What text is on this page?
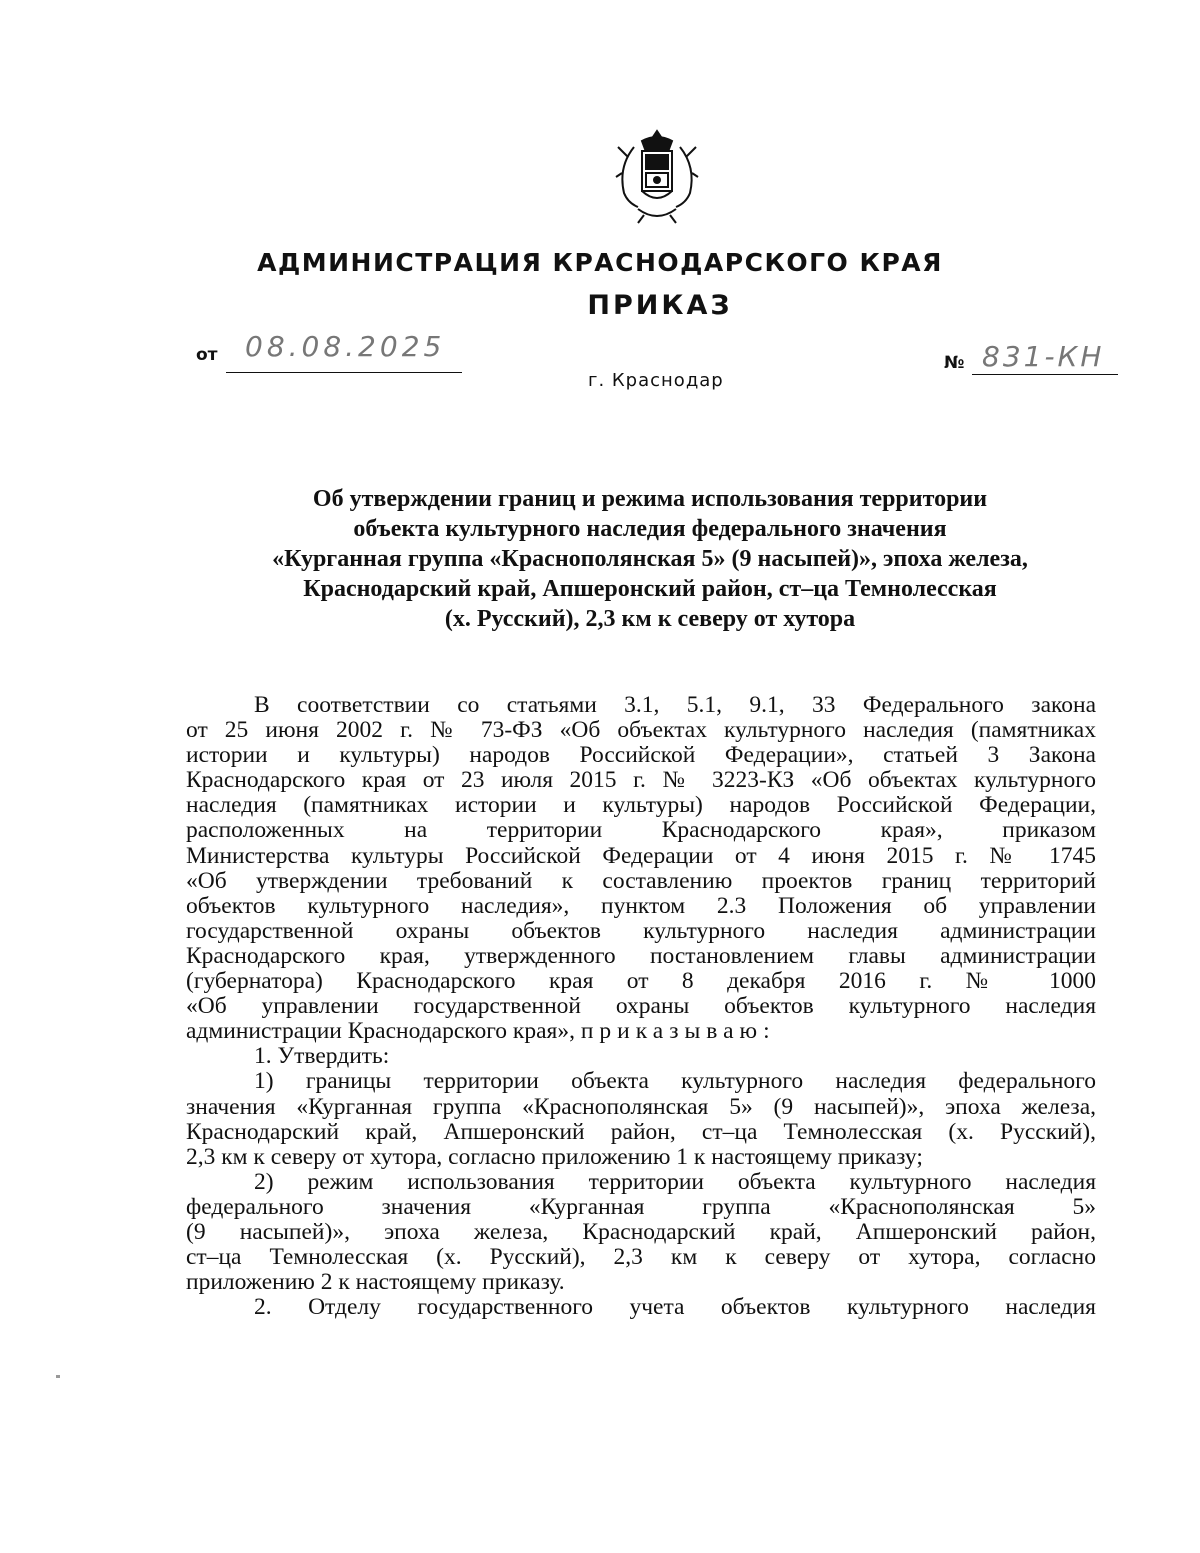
АДМИНИСТРАЦИЯ КРАСНОДАРСКОГО КРАЯ
ПРИКАЗ
от 08.08.2025
г. Краснодар
№ 831-КН
Об утверждении границ и режима использования территории
объекта культурного наследия федерального значения
«Курганная группа «Краснополянская 5» (9 насыпей)», эпоха железа,
Краснодарский край, Апшеронский район, ст–ца Темнолесская
(х. Русский), 2,3 км к северу от хутора
В соответствии со статьями 3.1, 5.1, 9.1, 33 Федерального закона
от 25 июня 2002 г. № 73-ФЗ «Об объектах культурного наследия (памятниках
истории и культуры) народов Российской Федерации», статьей 3 Закона
Краснодарского края от 23 июля 2015 г. № 3223-КЗ «Об объектах культурного
наследия (памятниках истории и культуры) народов Российской Федерации,
расположенных на территории Краснодарского края», приказом
Министерства культуры Российской Федерации от 4 июня 2015 г. № 1745
«Об утверждении требований к составлению проектов границ территорий
объектов культурного наследия», пунктом 2.3 Положения об управлении
государственной охраны объектов культурного наследия администрации
Краснодарского края, утвержденного постановлением главы администрации
(губернатора) Краснодарского края от 8 декабря 2016 г. № 1000
«Об управлении государственной охраны объектов культурного наследия
администрации Краснодарского края», приказываю:
1. Утвердить:
1) границы территории объекта культурного наследия федерального
значения «Курганная группа «Краснополянская 5» (9 насыпей)», эпоха железа,
Краснодарский край, Апшеронский район, ст–ца Темнолесская (х. Русский),
2,3 км к северу от хутора, согласно приложению 1 к настоящему приказу;
2) режим использования территории объекта культурного наследия
федерального значения «Курганная группа «Краснополянская 5»
(9 насыпей)», эпоха железа, Краснодарский край, Апшеронский район,
ст–ца Темнолесская (х. Русский), 2,3 км к северу от хутора, согласно
приложению 2 к настоящему приказу.
2. Отделу государственного учета объектов культурного наследия
